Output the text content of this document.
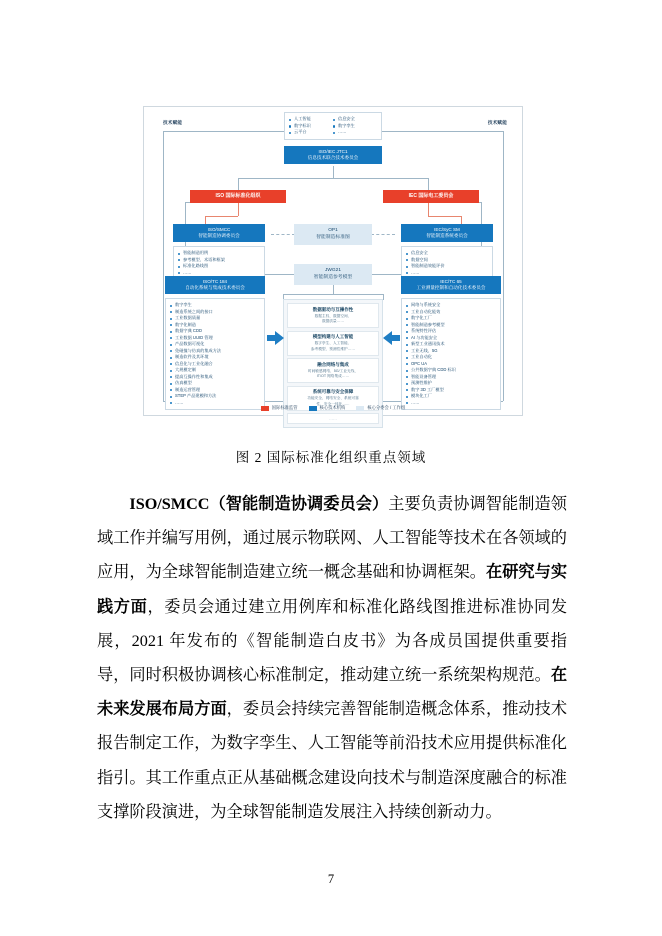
技术赋能	技术赋能
人工智能	信息安全
数字标识	数字孪生
云平台	……
ISO/IEC JTC1
信息技术联合技术委员会
ISO 国际标准化组织	IEC 国际电工委员会
ISO/SMCC
智能制造协调委员会
智能制造用例
参考模型、术语和框架
标准化路线图
……
IEC/SyC SM
智能制造系统委员会
信息安全
数据空间
智能制造效能评价
……
OP1
智能制造标准图
JWG21
智能制造参考模型
ISO/TC 184
自动化系统与集成技术委员会
数字孪生
制造系统之间的接口
工业数据质量
数字化制造
数据字典 CDD
工业数据 UUID 管理
产品数据可视化
免碰撞与仿真的集成方法
制造软件及其环境
信息化与工业化融合
大规模定制
提高互操作性和集成
仿真模型
制造运营管理
STEP 产品建模和方法
……
IEC/TC 65
工业测量控制和自动化技术委员会
网络与系统安全
工业自动化能效
数字化工厂
智能制造参考模型
系统特性评估
AI 与功能安全
新型工业通讯技术
工业无线、5G
工业自动化
OPC UA
公共数据字典 CDD 标识
智能设备管理
预测性维护
数字 3D 工厂模型
模块化工厂
……
数据驱动与互操作性
数据主权、数据空间、
数据质量……
模型构建与人工智能
数字孪生、人工智能、
参考模型、预测性维护……
融合网络与集成
时间敏感网络、5G/工业无线、
IT/OT 网络集成……
系统可靠与安全保障
功能安全、网络安全、系统可靠
性、安全一体化……
……
国际标准监管	核心技术机构	核心分委会 / 工作组
图 2 国际标准化组织重点领域

ISO/SMCC（智能制造协调委员会）主要负责协调智能制造领域工作并编写用例，通过展示物联网、人工智能等技术在各领域的应用，为全球智能制造建立统一概念基础和协调框架。在研究与实践方面，委员会通过建立用例库和标准化路线图推进标准协同发展，2021 年发布的《智能制造白皮书》为各成员国提供重要指导，同时积极协调核心标准制定，推动建立统一系统架构规范。在未来发展布局方面，委员会持续完善智能制造概念体系，推动技术报告制定工作，为数字孪生、人工智能等前沿技术应用提供标准化指引。其工作重点正从基础概念建设向技术与制造深度融合的标准支撑阶段演进，为全球智能制造发展注入持续创新动力。

7
